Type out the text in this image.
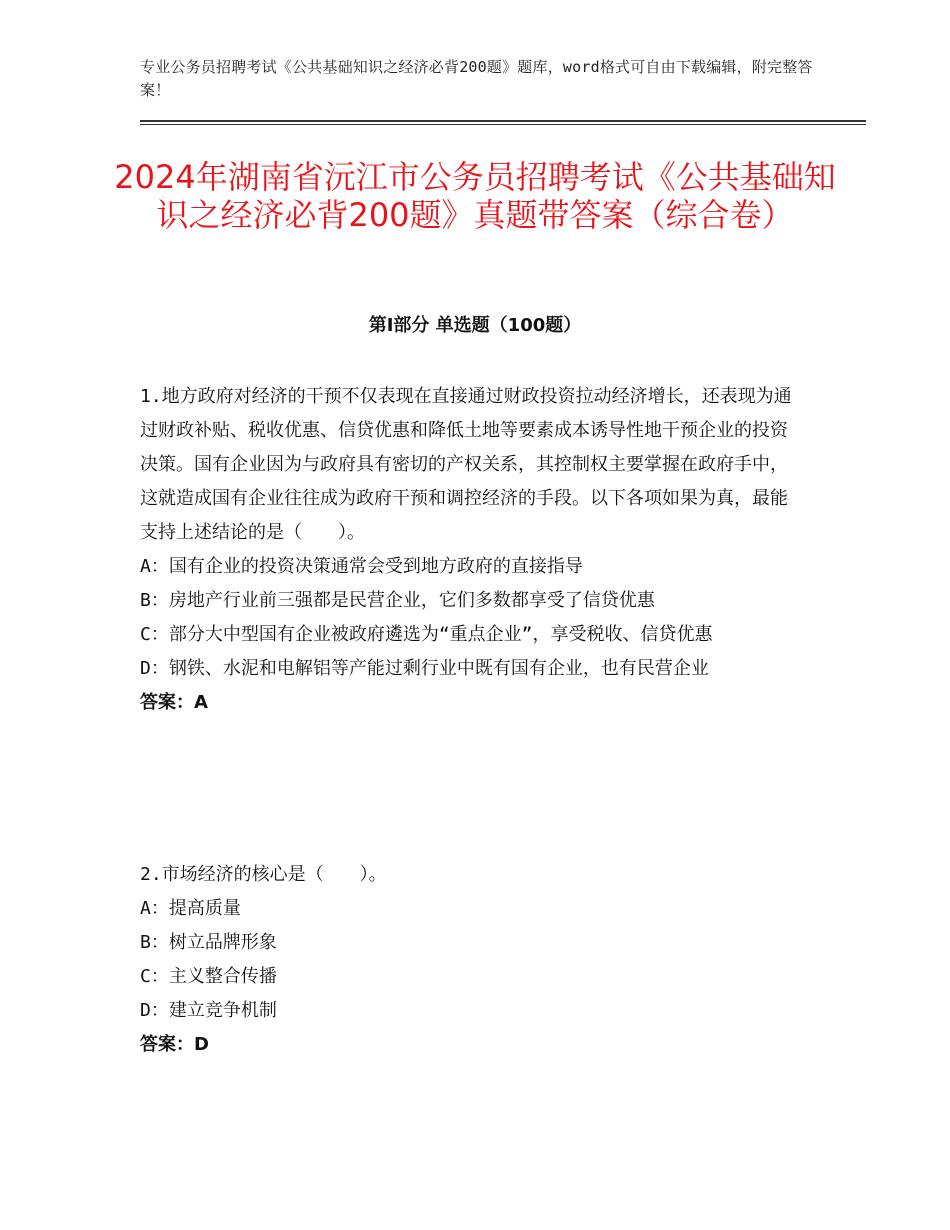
专业公务员招聘考试《公共基础知识之经济必背200题》题库，word格式可自由下载编辑，附完整答案！
2024年湖南省沅江市公务员招聘考试《公共基础知识之经济必背200题》真题带答案（综合卷）
第Ⅰ部分 单选题（100题）

1.地方政府对经济的干预不仅表现在直接通过财政投资拉动经济增长，还表现为通过财政补贴、税收优惠、信贷优惠和降低土地等要素成本诱导性地干预企业的投资决策。国有企业因为与政府具有密切的产权关系，其控制权主要掌握在政府手中，这就造成国有企业往往成为政府干预和调控经济的手段。以下各项如果为真，最能支持上述结论的是（　　）。

A：国有企业的投资决策通常会受到地方政府的直接指导

B：房地产行业前三强都是民营企业，它们多数都享受了信贷优惠

C：部分大中型国有企业被政府遴选为“重点企业”，享受税收、信贷优惠

D：钢铁、水泥和电解铝等产能过剩行业中既有国有企业，也有民营企业

答案：A

2.市场经济的核心是（　　）。

A：提高质量

B：树立品牌形象

C：主义整合传播

D：建立竞争机制

答案：D
